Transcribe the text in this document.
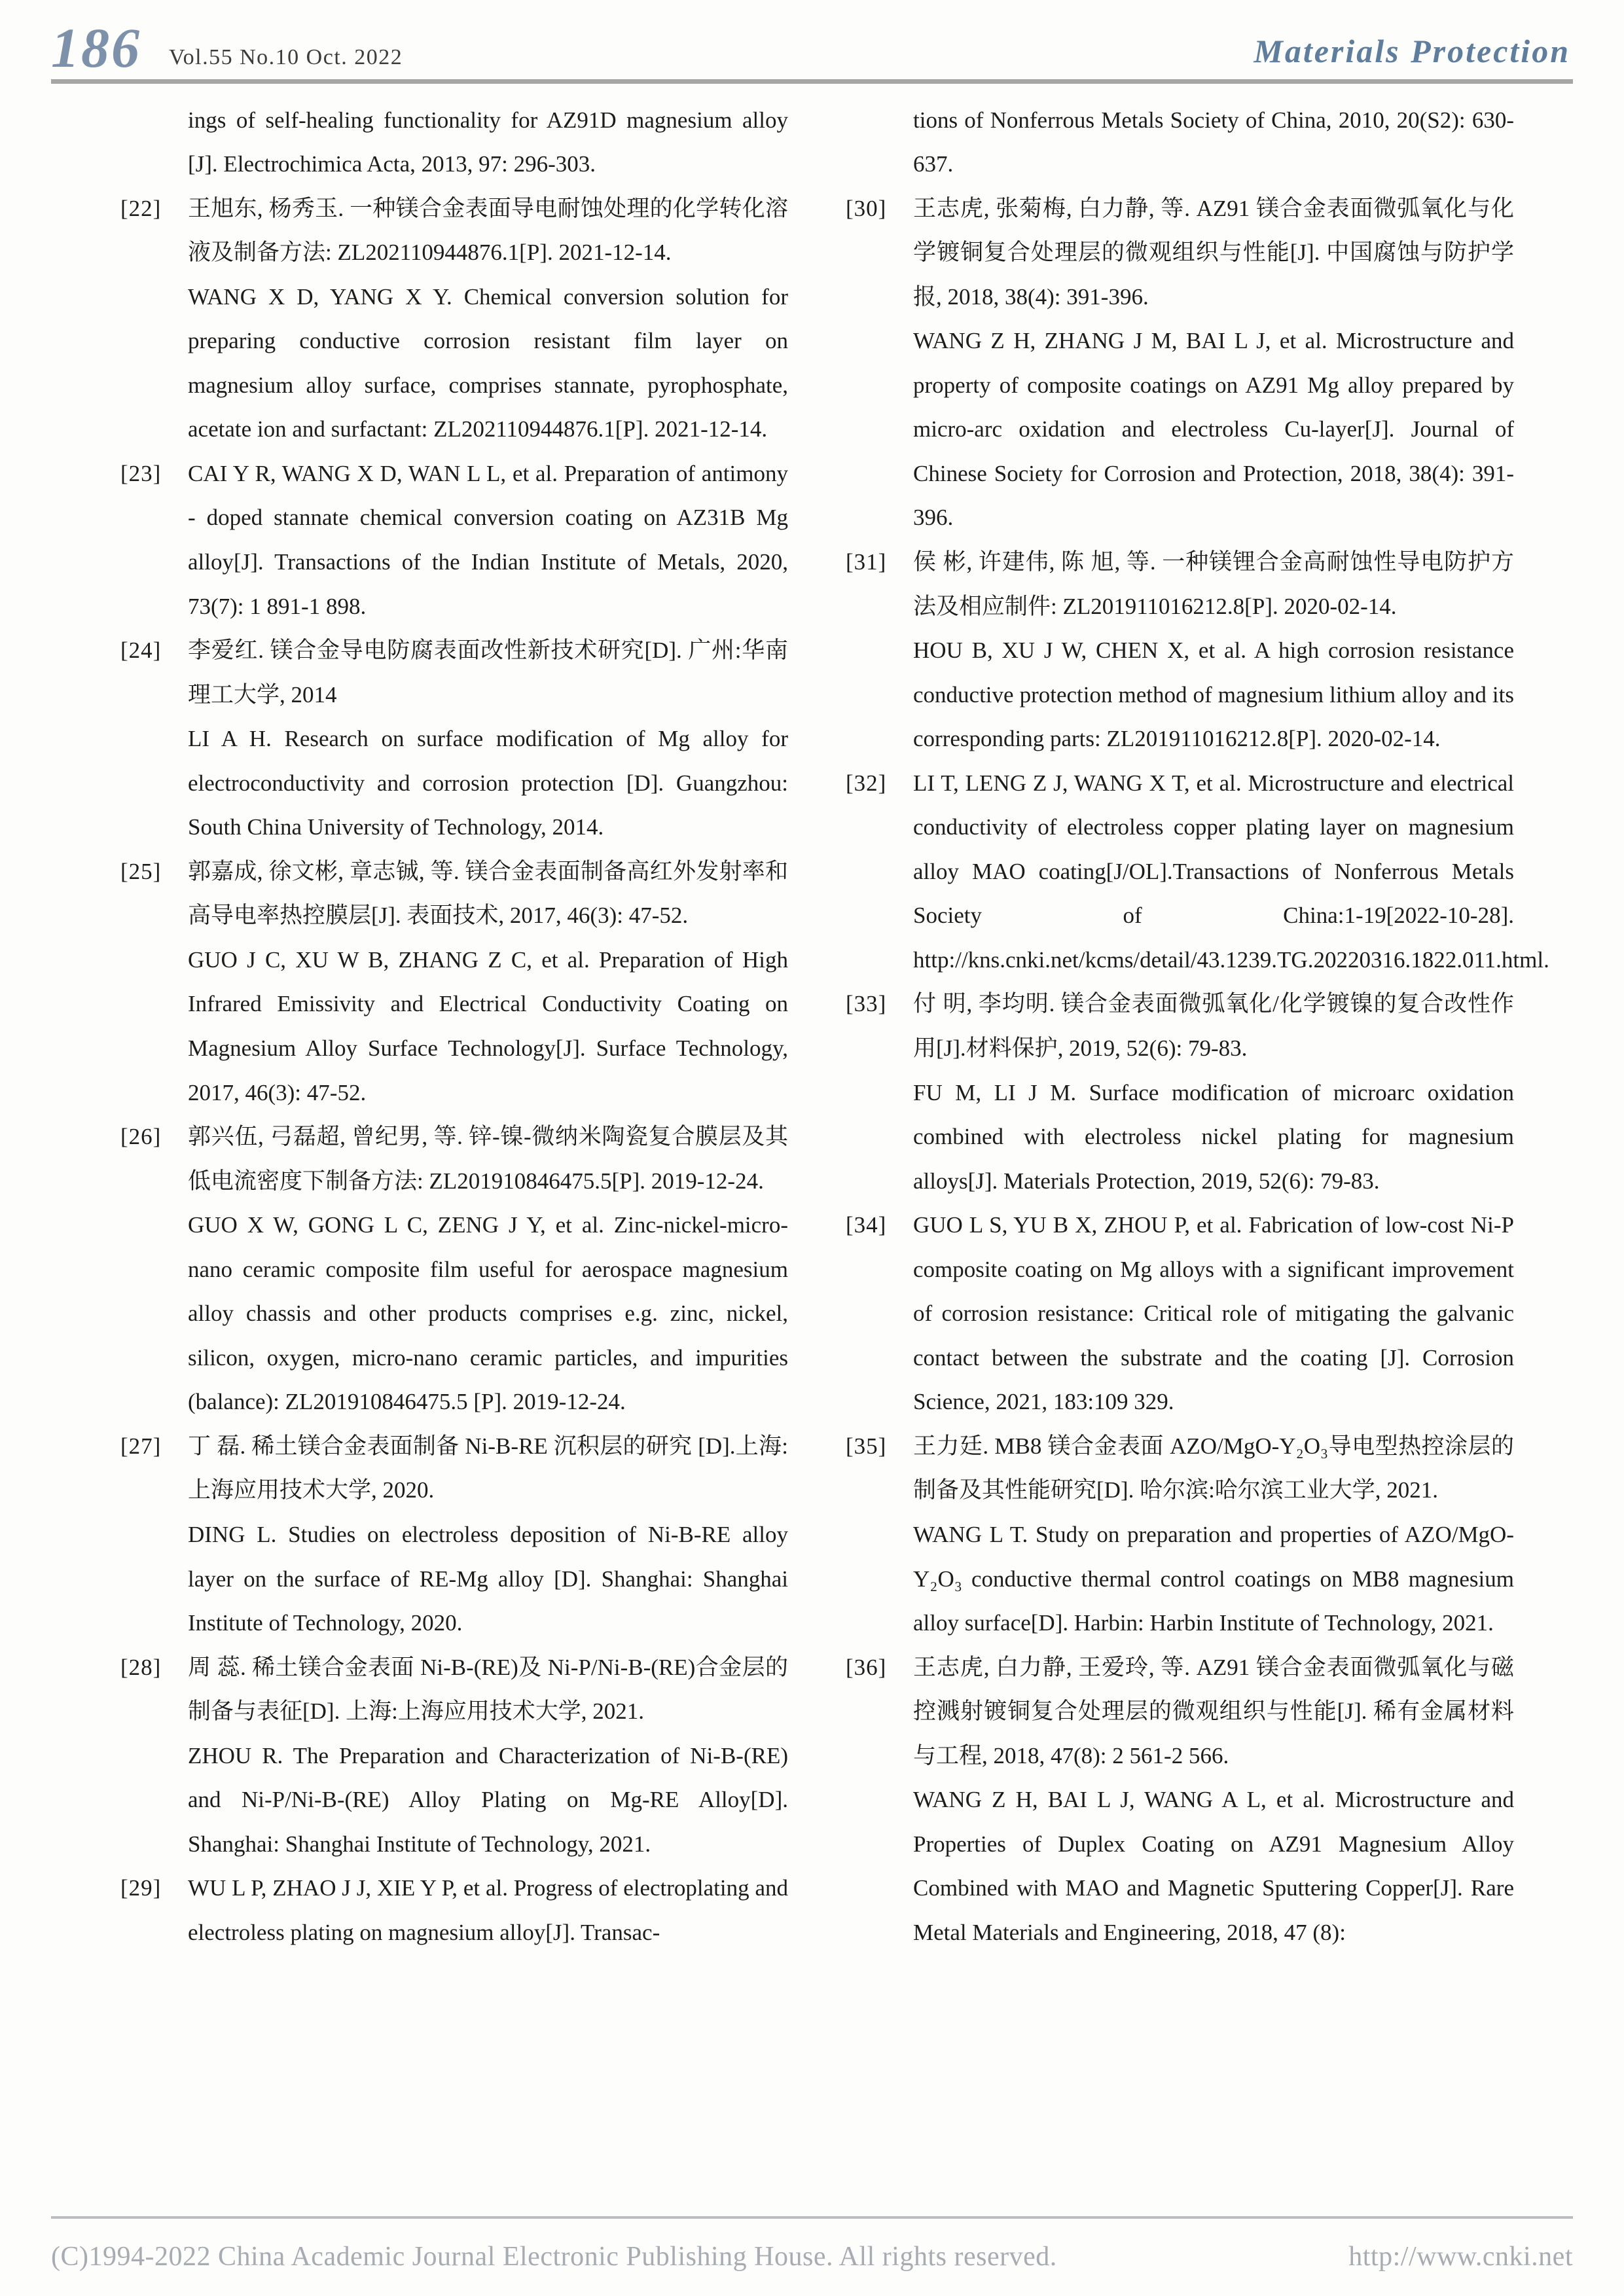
186 Vol.55 No.10 Oct. 2022	Materials Protection

ings of self-healing functionality for AZ91D magnesium alloy [J]. Electrochimica Acta, 2013, 97: 296-303.

[22] 王旭东, 杨秀玉. 一种镁合金表面导电耐蚀处理的化学转化溶液及制备方法: ZL202110944876.1[P]. 2021-12-14.

WANG X D, YANG X Y. Chemical conversion solution for preparing conductive corrosion resistant film layer on magnesium alloy surface, comprises stannate, pyrophosphate, acetate ion and surfactant: ZL202110944876.1[P]. 2021-12-14.

[23] CAI Y R, WANG X D, WAN L L, et al. Preparation of antimony - doped stannate chemical conversion coating on AZ31B Mg alloy[J]. Transactions of the Indian Institute of Metals, 2020, 73(7): 1 891-1 898.

[24] 李爱红. 镁合金导电防腐表面改性新技术研究[D]. 广州:华南理工大学, 2014

LI A H. Research on surface modification of Mg alloy for electroconductivity and corrosion protection [D]. Guangzhou: South China University of Technology, 2014.

[25] 郭嘉成, 徐文彬, 章志铖, 等. 镁合金表面制备高红外发射率和高导电率热控膜层[J]. 表面技术, 2017, 46(3): 47-52.

GUO J C, XU W B, ZHANG Z C, et al. Preparation of High Infrared Emissivity and Electrical Conductivity Coating on Magnesium Alloy Surface Technology[J]. Surface Technology, 2017, 46(3): 47-52.

[26] 郭兴伍, 弓磊超, 曾纪男, 等. 锌-镍-微纳米陶瓷复合膜层及其低电流密度下制备方法: ZL201910846475.5[P]. 2019-12-24.

GUO X W, GONG L C, ZENG J Y, et al. Zinc-nickel-micro-nano ceramic composite film useful for aerospace magnesium alloy chassis and other products comprises e.g. zinc, nickel, silicon, oxygen, micro-nano ceramic particles, and impurities (balance): ZL201910846475.5 [P]. 2019-12-24.

[27] 丁 磊. 稀土镁合金表面制备 Ni-B-RE 沉积层的研究 [D].上海:上海应用技术大学, 2020.

DING L. Studies on electroless deposition of Ni-B-RE alloy layer on the surface of RE-Mg alloy [D]. Shanghai: Shanghai Institute of Technology, 2020.

[28] 周 蕊. 稀土镁合金表面 Ni-B-(RE)及 Ni-P/Ni-B-(RE)合金层的制备与表征[D]. 上海:上海应用技术大学, 2021.

ZHOU R. The Preparation and Characterization of Ni-B-(RE) and Ni-P/Ni-B-(RE) Alloy Plating on Mg-RE Alloy[D]. Shanghai: Shanghai Institute of Technology, 2021.

[29] WU L P, ZHAO J J, XIE Y P, et al. Progress of electroplating and electroless plating on magnesium alloy[J]. Transac-

tions of Nonferrous Metals Society of China, 2010, 20(S2): 630-637.

[30] 王志虎, 张菊梅, 白力静, 等. AZ91 镁合金表面微弧氧化与化学镀铜复合处理层的微观组织与性能[J]. 中国腐蚀与防护学报, 2018, 38(4): 391-396.

WANG Z H, ZHANG J M, BAI L J, et al. Microstructure and property of composite coatings on AZ91 Mg alloy prepared by micro-arc oxidation and electroless Cu-layer[J]. Journal of Chinese Society for Corrosion and Protection, 2018, 38(4): 391-396.

[31] 侯 彬, 许建伟, 陈 旭, 等. 一种镁锂合金高耐蚀性导电防护方法及相应制件: ZL201911016212.8[P]. 2020-02-14.

HOU B, XU J W, CHEN X, et al. A high corrosion resistance conductive protection method of magnesium lithium alloy and its corresponding parts: ZL201911016212.8[P]. 2020-02-14.

[32] LI T, LENG Z J, WANG X T, et al. Microstructure and electrical conductivity of electroless copper plating layer on magnesium alloy MAO coating[J/OL].Transactions of Nonferrous Metals Society of China:1-19[2022-10-28]. http://kns.cnki.net/kcms/detail/43.1239.TG.20220316.1822.011.html.

[33] 付 明, 李均明. 镁合金表面微弧氧化/化学镀镍的复合改性作用[J].材料保护, 2019, 52(6): 79-83.

FU M, LI J M. Surface modification of microarc oxidation combined with electroless nickel plating for magnesium alloys[J]. Materials Protection, 2019, 52(6): 79-83.

[34] GUO L S, YU B X, ZHOU P, et al. Fabrication of low-cost Ni-P composite coating on Mg alloys with a significant improvement of corrosion resistance: Critical role of mitigating the galvanic contact between the substrate and the coating [J]. Corrosion Science, 2021, 183:109 329.

[35] 王力廷. MB8 镁合金表面 AZO/MgO-Y₂O₃导电型热控涂层的制备及其性能研究[D]. 哈尔滨:哈尔滨工业大学, 2021.

WANG L T. Study on preparation and properties of AZO/MgO-Y₂O₃ conductive thermal control coatings on MB8 magnesium alloy surface[D]. Harbin: Harbin Institute of Technology, 2021.

[36] 王志虎, 白力静, 王爱玲, 等. AZ91 镁合金表面微弧氧化与磁控溅射镀铜复合处理层的微观组织与性能[J]. 稀有金属材料与工程, 2018, 47(8): 2 561-2 566.

WANG Z H, BAI L J, WANG A L, et al. Microstructure and Properties of Duplex Coating on AZ91 Magnesium Alloy Combined with MAO and Magnetic Sputtering Copper[J]. Rare Metal Materials and Engineering, 2018, 47 (8):

(C)1994-2022 China Academic Journal Electronic Publishing House. All rights reserved.	http://www.cnki.net
